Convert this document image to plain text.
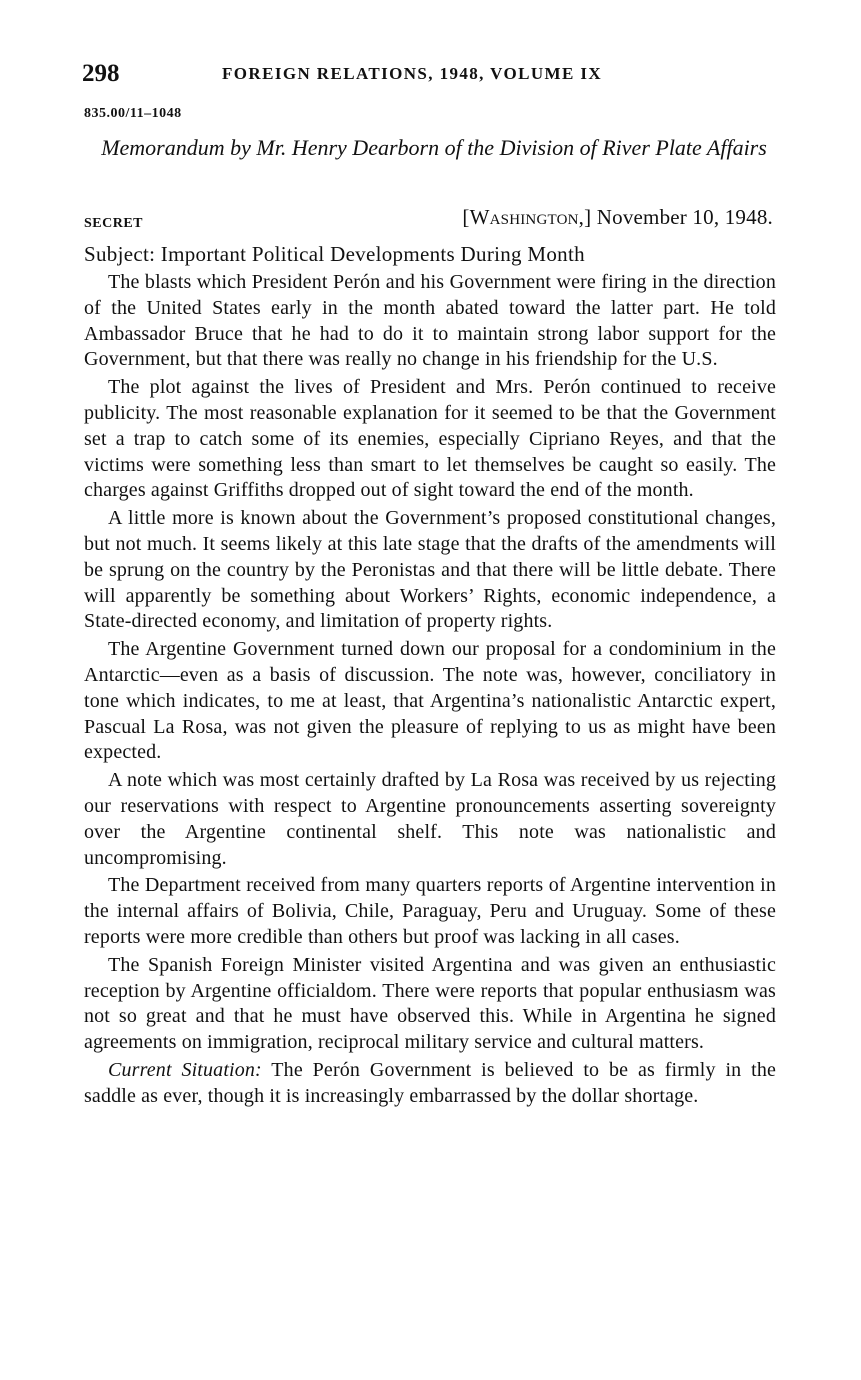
298	FOREIGN RELATIONS, 1948, VOLUME IX
835.00/11–1048
Memorandum by Mr. Henry Dearborn of the Division of River Plate Affairs
SECRET	[Washington,] November 10, 1948.
Subject: Important Political Developments During Month

The blasts which President Perón and his Government were firing in the direction of the United States early in the month abated toward the latter part. He told Ambassador Bruce that he had to do it to maintain strong labor support for the Government, but that there was really no change in his friendship for the U.S.

The plot against the lives of President and Mrs. Perón continued to receive publicity. The most reasonable explanation for it seemed to be that the Government set a trap to catch some of its enemies, especially Cipriano Reyes, and that the victims were something less than smart to let themselves be caught so easily. The charges against Griffiths dropped out of sight toward the end of the month.

A little more is known about the Government’s proposed constitutional changes, but not much. It seems likely at this late stage that the drafts of the amendments will be sprung on the country by the Peronistas and that there will be little debate. There will apparently be something about Workers’ Rights, economic independence, a State-directed economy, and limitation of property rights.

The Argentine Government turned down our proposal for a condominium in the Antarctic—even as a basis of discussion. The note was, however, conciliatory in tone which indicates, to me at least, that Argentina’s nationalistic Antarctic expert, Pascual La Rosa, was not given the pleasure of replying to us as might have been expected.

A note which was most certainly drafted by La Rosa was received by us rejecting our reservations with respect to Argentine pronouncements asserting sovereignty over the Argentine continental shelf. This note was nationalistic and uncompromising.

The Department received from many quarters reports of Argentine intervention in the internal affairs of Bolivia, Chile, Paraguay, Peru and Uruguay. Some of these reports were more credible than others but proof was lacking in all cases.

The Spanish Foreign Minister visited Argentina and was given an enthusiastic reception by Argentine officialdom. There were reports that popular enthusiasm was not so great and that he must have observed this. While in Argentina he signed agreements on immigration, reciprocal military service and cultural matters.

Current Situation: The Perón Government is believed to be as firmly in the saddle as ever, though it is increasingly embarrassed by the dollar shortage.
